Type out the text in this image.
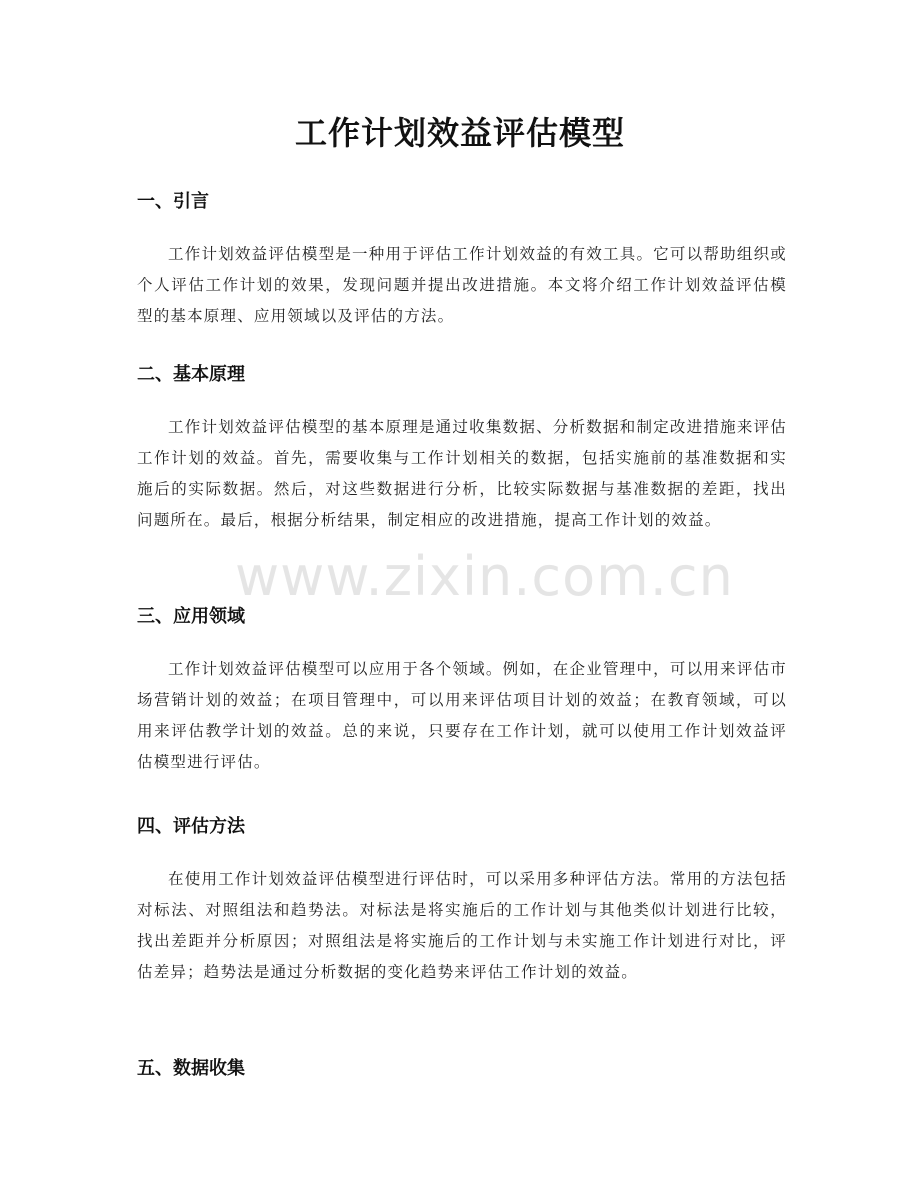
工作计划效益评估模型
一、引言

工作计划效益评估模型是一种用于评估工作计划效益的有效工具。它可以帮助组织或个人评估工作计划的效果，发现问题并提出改进措施。本文将介绍工作计划效益评估模型的基本原理、应用领域以及评估的方法。

二、基本原理

工作计划效益评估模型的基本原理是通过收集数据、分析数据和制定改进措施来评估工作计划的效益。首先，需要收集与工作计划相关的数据，包括实施前的基准数据和实施后的实际数据。然后，对这些数据进行分析，比较实际数据与基准数据的差距，找出问题所在。最后，根据分析结果，制定相应的改进措施，提高工作计划的效益。

三、应用领域

工作计划效益评估模型可以应用于各个领域。例如，在企业管理中，可以用来评估市场营销计划的效益；在项目管理中，可以用来评估项目计划的效益；在教育领域，可以用来评估教学计划的效益。总的来说，只要存在工作计划，就可以使用工作计划效益评估模型进行评估。

四、评估方法

在使用工作计划效益评估模型进行评估时，可以采用多种评估方法。常用的方法包括对标法、对照组法和趋势法。对标法是将实施后的工作计划与其他类似计划进行比较，找出差距并分析原因；对照组法是将实施后的工作计划与未实施工作计划进行对比，评估差异；趋势法是通过分析数据的变化趋势来评估工作计划的效益。

五、数据收集
www.zixin.com.cn
